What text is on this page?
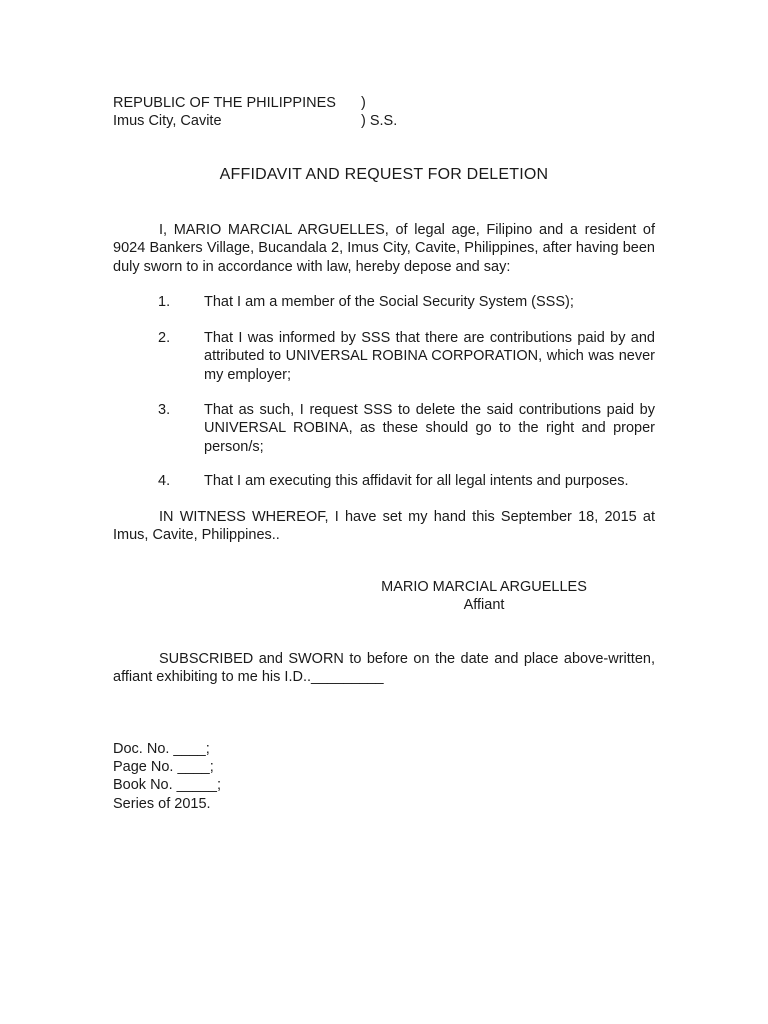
REPUBLIC OF THE PHILIPPINES )
Imus City, Cavite	) S.S.
AFFIDAVIT AND REQUEST FOR DELETION
I, MARIO MARCIAL ARGUELLES, of legal age, Filipino and a resident of 9024 Bankers Village, Bucandala 2, Imus City, Cavite, Philippines, after having been duly sworn to in accordance with law, hereby depose and say:
1. That I am a member of the Social Security System (SSS);
2. That I was informed by SSS that there are contributions paid by and attributed to UNIVERSAL ROBINA CORPORATION, which was never my employer;
3. That as such, I request SSS to delete the said contributions paid by UNIVERSAL ROBINA, as these should go to the right and proper person/s;
4. That I am executing this affidavit for all legal intents and purposes.
IN WITNESS WHEREOF, I have set my hand this September 18, 2015 at Imus, Cavite, Philippines..
MARIO MARCIAL ARGUELLES
Affiant
SUBSCRIBED and SWORN to before on the date and place above-written, affiant exhibiting to me his I.D.._________
Doc. No. ____;
Page No. ____;
Book No. _____;
Series of 2015.
